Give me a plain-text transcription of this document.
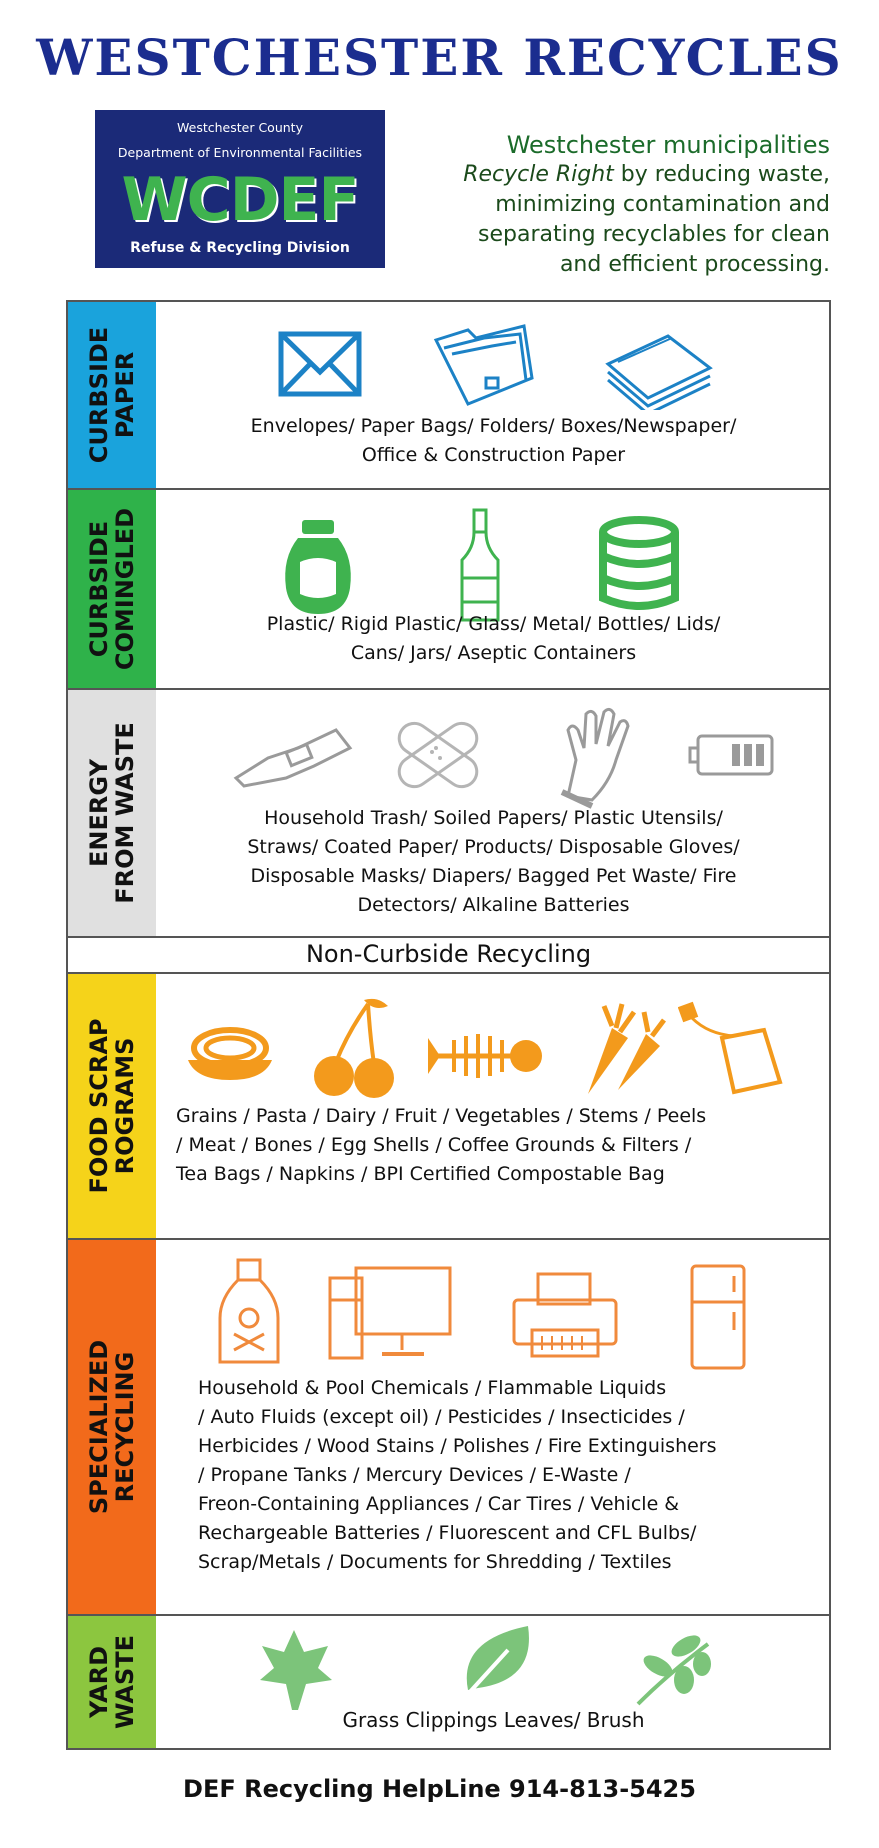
WESTCHESTER RECYCLES
Westchester County
Department of Environmental Facilities
WCDEF
Refuse & Recycling Division
Westchester municipalities
Recycle Right by reducing waste,
minimizing contamination and
separating recyclables for clean
and efficient processing.
CURBSIDE
PAPER	Envelopes/ Paper Bags/ Folders/ Boxes/Newspaper/
Office & Construction Paper
CURBSIDE
COMINGLED	Plastic/ Rigid Plastic/ Glass/ Metal/ Bottles/ Lids/
Cans/ Jars/ Aseptic Containers
ENERGY
FROM WASTE	Household Trash/ Soiled Papers/ Plastic Utensils/
Straws/ Coated Paper/ Products/ Disposable Gloves/
Disposable Masks/ Diapers/ Bagged Pet Waste/ Fire
Detectors/ Alkaline Batteries
Non-Curbside Recycling
FOOD SCRAP
ROGRAMS Grains / Pasta / Dairy / Fruit / Vegetables / Stems / Peels
/ Meat / Bones / Egg Shells / Coffee Grounds & Filters /
Tea Bags / Napkins / BPI Certified Compostable Bag
SPECIALIZED
RECYCLING	Household & Pool Chemicals / Flammable Liquids
/ Auto Fluids (except oil) / Pesticides / Insecticides /
Herbicides / Wood Stains / Polishes / Fire Extinguishers
/ Propane Tanks / Mercury Devices / E-Waste /
Freon-Containing Appliances / Car Tires / Vehicle &
Rechargeable Batteries / Fluorescent and CFL Bulbs/
Scrap/Metals / Documents for Shredding / Textiles
YARD
WASTE	Grass Clippings Leaves/ Brush
DEF Recycling HelpLine 914-813-5425
